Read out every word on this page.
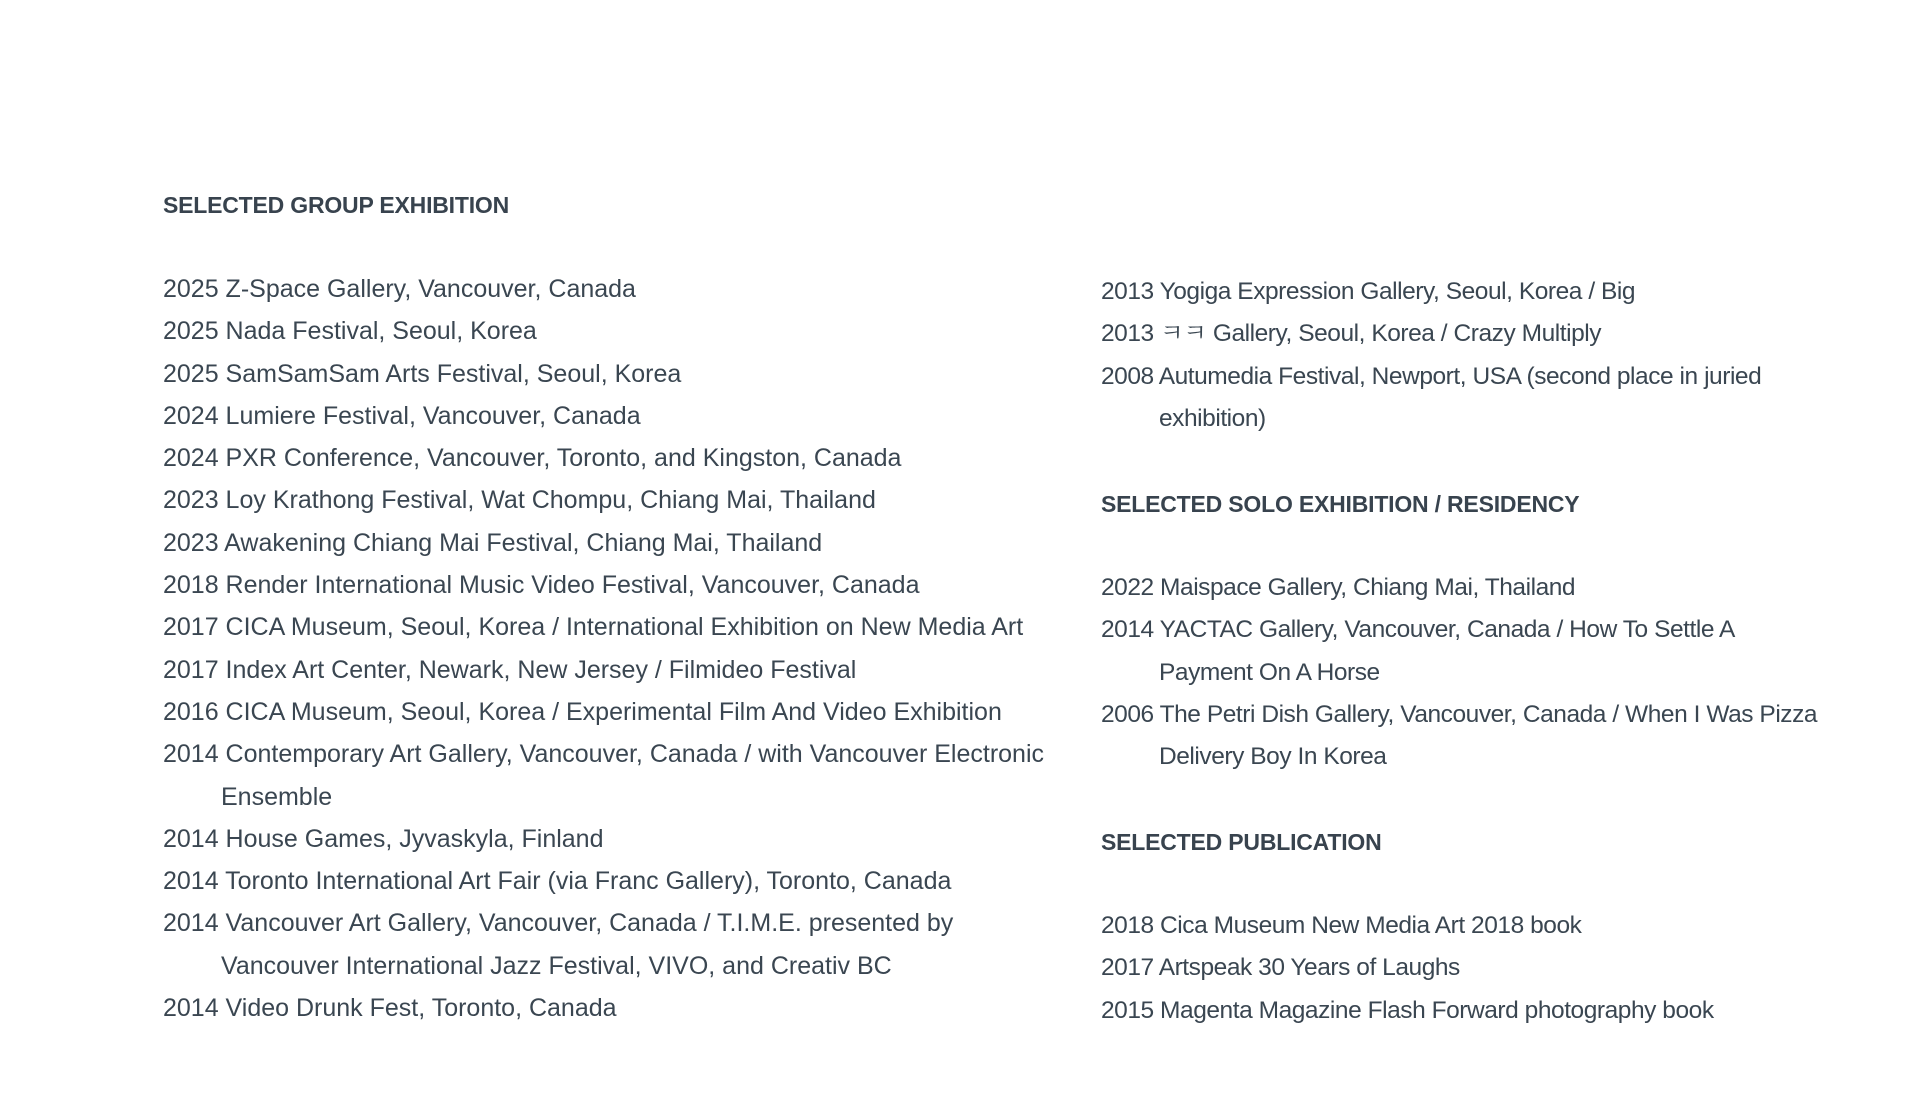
SELECTED GROUP EXHIBITION
2025 Z-Space Gallery, Vancouver, Canada
2025 Nada Festival, Seoul, Korea
2025 SamSamSam Arts Festival, Seoul, Korea
2024 Lumiere Festival, Vancouver, Canada
2024 PXR Conference, Vancouver, Toronto, and Kingston, Canada
2023 Loy Krathong Festival, Wat Chompu, Chiang Mai, Thailand
2023 Awakening Chiang Mai Festival, Chiang Mai, Thailand
2018 Render International Music Video Festival, Vancouver, Canada
2017 CICA Museum, Seoul, Korea / International Exhibition on New Media Art
2017 Index Art Center, Newark, New Jersey / Filmideo Festival
2016 CICA Museum, Seoul, Korea / Experimental Film And Video Exhibition
2014 Contemporary Art Gallery, Vancouver, Canada / with Vancouver Electronic Ensemble
2014 House Games, Jyvaskyla, Finland
2014 Toronto International Art Fair (via Franc Gallery), Toronto, Canada
2014 Vancouver Art Gallery, Vancouver, Canada / T.I.M.E. presented by Vancouver International Jazz Festival, VIVO, and Creativ BC
2014 Video Drunk Fest, Toronto, Canada
2013 Yogiga Expression Gallery, Seoul, Korea / Big
2013 ㅋㅋ Gallery, Seoul, Korea / Crazy Multiply
2008 Autumedia Festival, Newport, USA (second place in juried exhibition)
SELECTED SOLO EXHIBITION / RESIDENCY
2022 Maispace Gallery, Chiang Mai, Thailand
2014 YACTAC Gallery, Vancouver, Canada / How To Settle A Payment On A Horse
2006 The Petri Dish Gallery, Vancouver, Canada / When I Was Pizza Delivery Boy In Korea
SELECTED PUBLICATION
2018 Cica Museum New Media Art 2018 book
2017 Artspeak 30 Years of Laughs
2015 Magenta Magazine Flash Forward photography book
